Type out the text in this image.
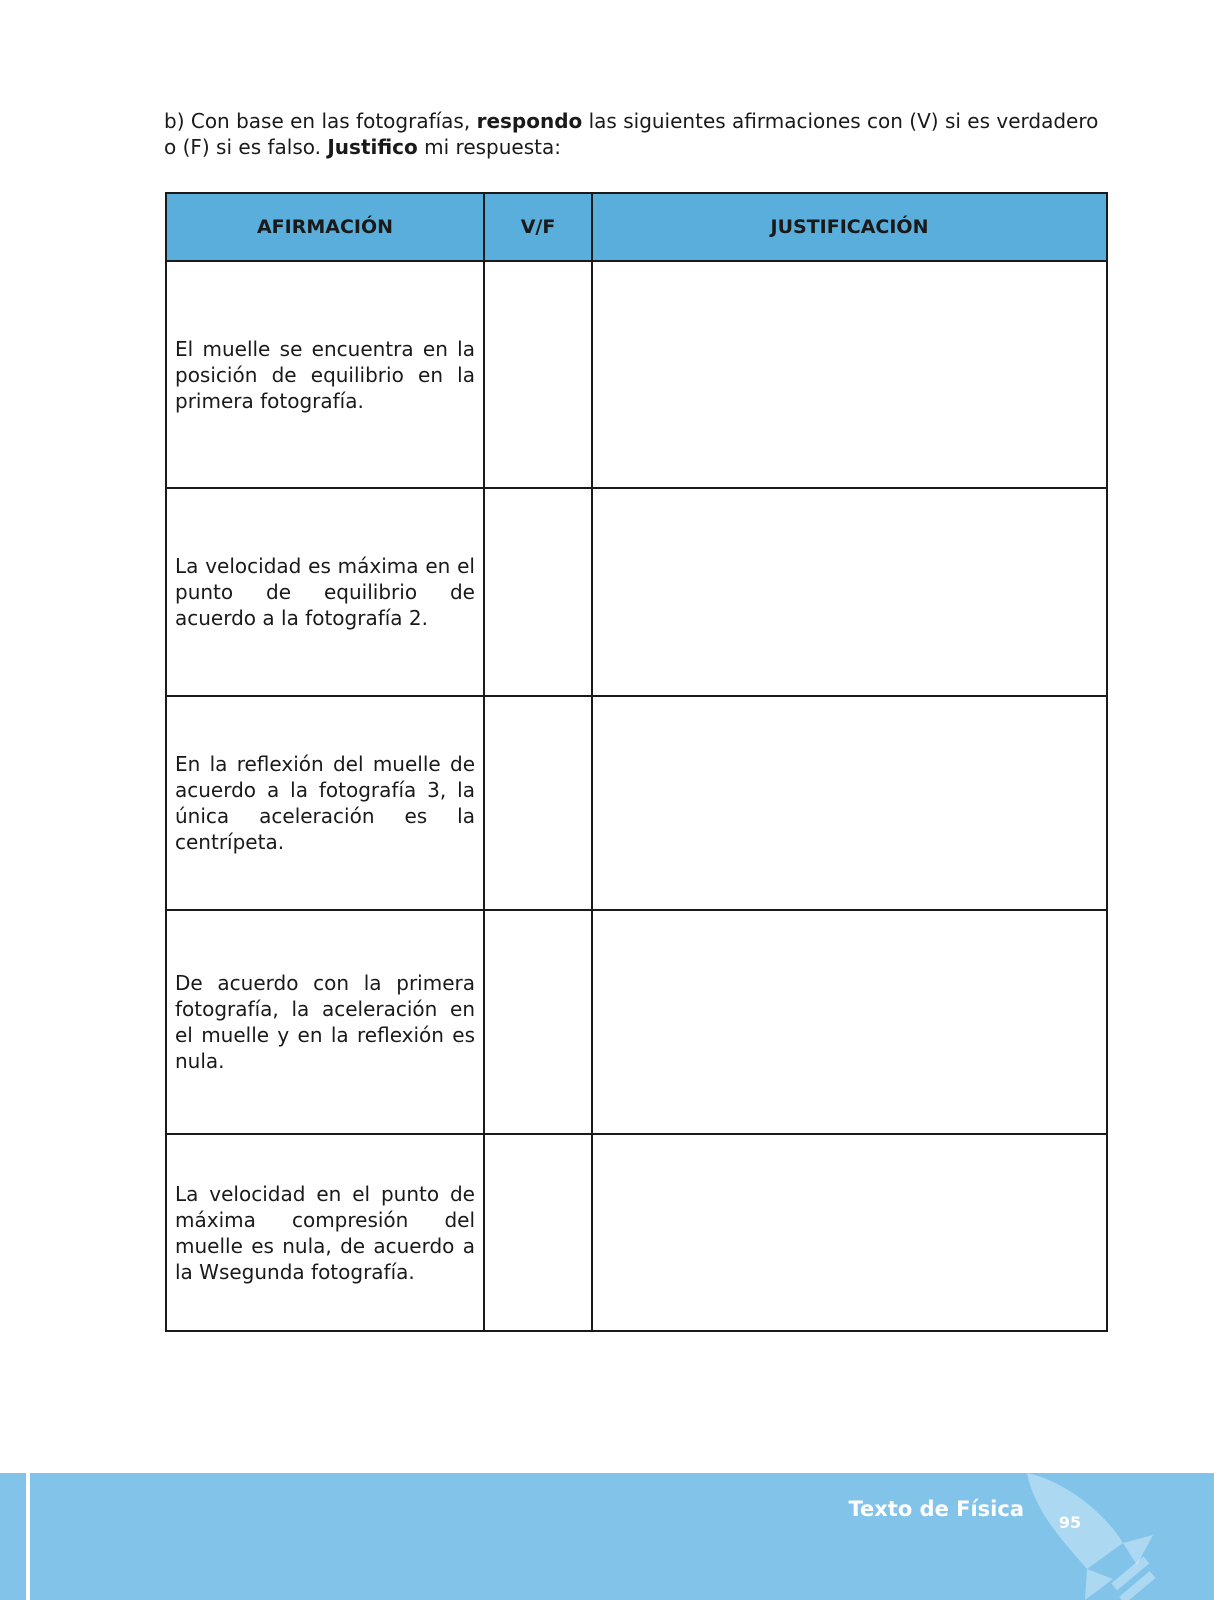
b) Con base en las fotografías, respondo las siguientes afirmaciones con (V) si es verdadero o (F) si es falso. Justifico mi respuesta:

AFIRMACIÓN	V/F	JUSTIFICACIÓN
El muelle se encuentra en la posición de equilibrio en la primera fotografía.		
La velocidad es máxima en el punto de equilibrio de acuerdo a la fotografía 2.		
En la reflexión del muelle de acuerdo a la fotografía 3, la única aceleración es la centrípeta.		
De acuerdo con la primera fotografía, la aceleración en el muelle y en la reflexión es nula.		
La velocidad en el punto de máxima compresión del muelle es nula, de acuerdo a la Wsegunda fotografía.		
Texto de Física
95
